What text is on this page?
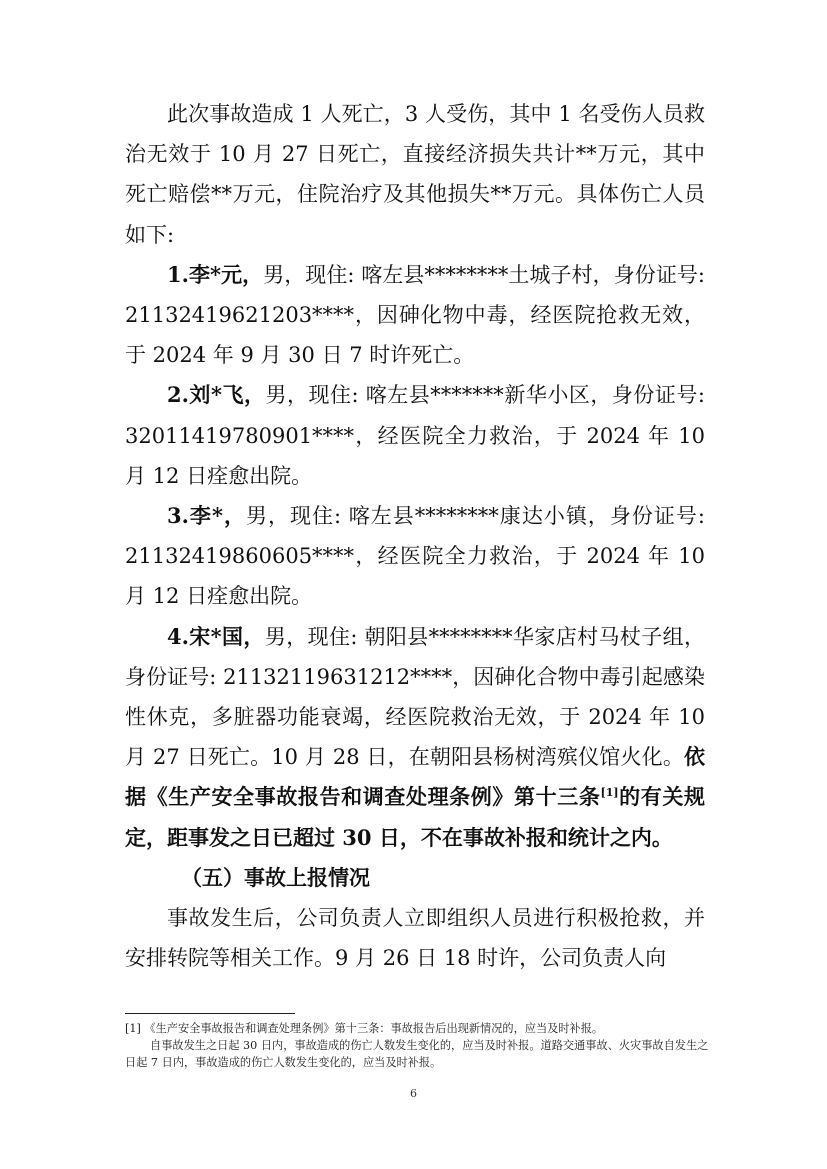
此次事故造成 1 人死亡，3 人受伤，其中 1 名受伤人员救治无效于 10 月 27 日死亡，直接经济损失共计**万元，其中死亡赔偿**万元，住院治疗及其他损失**万元。具体伤亡人员如下:

1.李*元，男，现住: 喀左县********土城子村，身份证号: 21132419621203****，因砷化物中毒，经医院抢救无效，于 2024 年 9 月 30 日 7 时许死亡。

2.刘*飞，男，现住: 喀左县*******新华小区，身份证号: 32011419780901****，经医院全力救治，于 2024 年 10 月 12 日痊愈出院。

3.李*，男，现住: 喀左县********康达小镇，身份证号: 21132419860605****，经医院全力救治，于 2024 年 10 月 12 日痊愈出院。

4.宋*国，男，现住: 朝阳县********华家店村马杖子组，身份证号: 21132119631212****，因砷化合物中毒引起感染性休克，多脏器功能衰竭，经医院救治无效，于 2024 年 10 月 27 日死亡。10 月 28 日，在朝阳县杨树湾殡仪馆火化。依据《生产安全事故报告和调查处理条例》第十三条[1]的有关规定，距事发之日已超过 30 日，不在事故补报和统计之内。

（五）事故上报情况

事故发生后，公司负责人立即组织人员进行积极抢救，并安排转院等相关工作。9 月 26 日 18 时许，公司负责人向

[1] 《生产安全事故报告和调查处理条例》第十三条：事故报告后出现新情况的，应当及时补报。

自事故发生之日起 30 日内，事故造成的伤亡人数发生变化的，应当及时补报。道路交通事故、火灾事故自发生之日起 7 日内，事故造成的伤亡人数发生变化的，应当及时补报。

6
